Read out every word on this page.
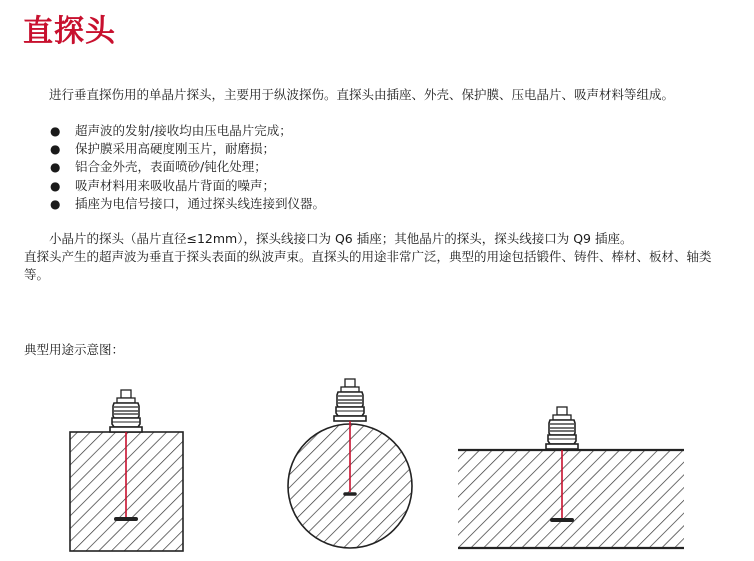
直探头

进行垂直探伤用的单晶片探头，主要用于纵波探伤。直探头由插座、外壳、保护膜、压电晶片、吸声材料等组成。

● 超声波的发射/接收均由压电晶片完成；
● 保护膜采用高硬度刚玉片，耐磨损；
● 铝合金外壳，表面喷砂/钝化处理；
● 吸声材料用来吸收晶片背面的噪声；
● 插座为电信号接口，通过探头线连接到仪器。

小晶片的探头（晶片直径≤12mm），探头线接口为 Q6 插座；其他晶片的探头，探头线接口为 Q9 插座。

直探头产生的超声波为垂直于探头表面的纵波声束。直探头的用途非常广泛，典型的用途包括锻件、铸件、棒材、板材、轴类等。

典型用途示意图：
